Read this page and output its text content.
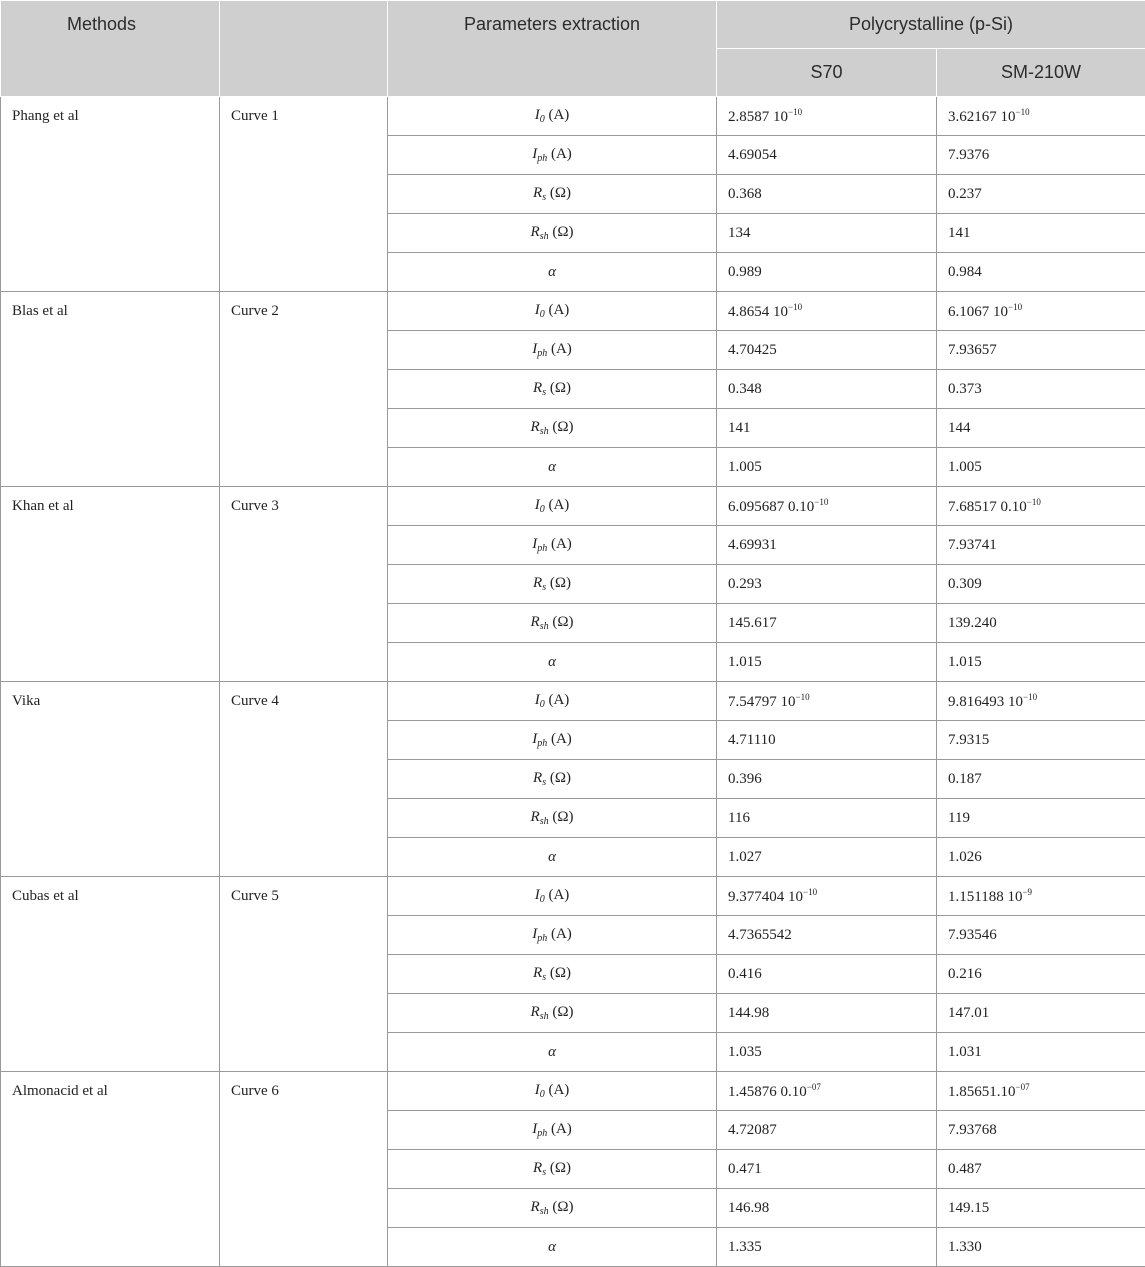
Methods		Parameters extraction	Polycrystalline (p-Si)	
			S70	SM-210W
Phang et al	Curve 1	$I_0$ (A)	2.8587 $10^{-10}$	3.62167 $10^{-10}$
		$I_{ph}$ (A)	4.69054	7.9376
		$R_s$ (Ω)	0.368	0.237
		$R_{sh}$ (Ω)	134	141
		α	0.989	0.984
Blas et al	Curve 2	$I_0$ (A)	4.8654 $10^{-10}$	6.1067 $10^{-10}$
		$I_{ph}$ (A)	4.70425	7.93657
		$R_s$ (Ω)	0.348	0.373
		$R_{sh}$ (Ω)	141	144
		α	1.005	1.005
Khan et al	Curve 3	$I_0$ (A)	6.095687 $0.10^{-10}$	7.68517 $0.10^{-10}$
		$I_{ph}$ (A)	4.69931	7.93741
		$R_s$ (Ω)	0.293	0.309
		$R_{sh}$ (Ω)	145.617	139.240
		α	1.015	1.015
Vika	Curve 4	$I_0$ (A)	7.54797 $10^{-10}$	9.816493 $10^{-10}$
		$I_{ph}$ (A)	4.71110	7.9315
		$R_s$ (Ω)	0.396	0.187
		$R_{sh}$ (Ω)	116	119
		α	1.027	1.026
Cubas et al	Curve 5	$I_0$ (A)	9.377404 $10^{-10}$	1.151188 $10^{-9}$
		$I_{ph}$ (A)	4.7365542	7.93546
		$R_s$ (Ω)	0.416	0.216
		$R_{sh}$ (Ω)	144.98	147.01
		α	1.035	1.031
Almonacid et al	Curve 6	$I_0$ (A)	1.45876 $0.10^{-07}$	$1.85651.10^{-07}$
		$I_{ph}$ (A)	4.72087	7.93768
		$R_s$ (Ω)	0.471	0.487
		$R_{sh}$ (Ω)	146.98	149.15
		α	1.335	1.330
